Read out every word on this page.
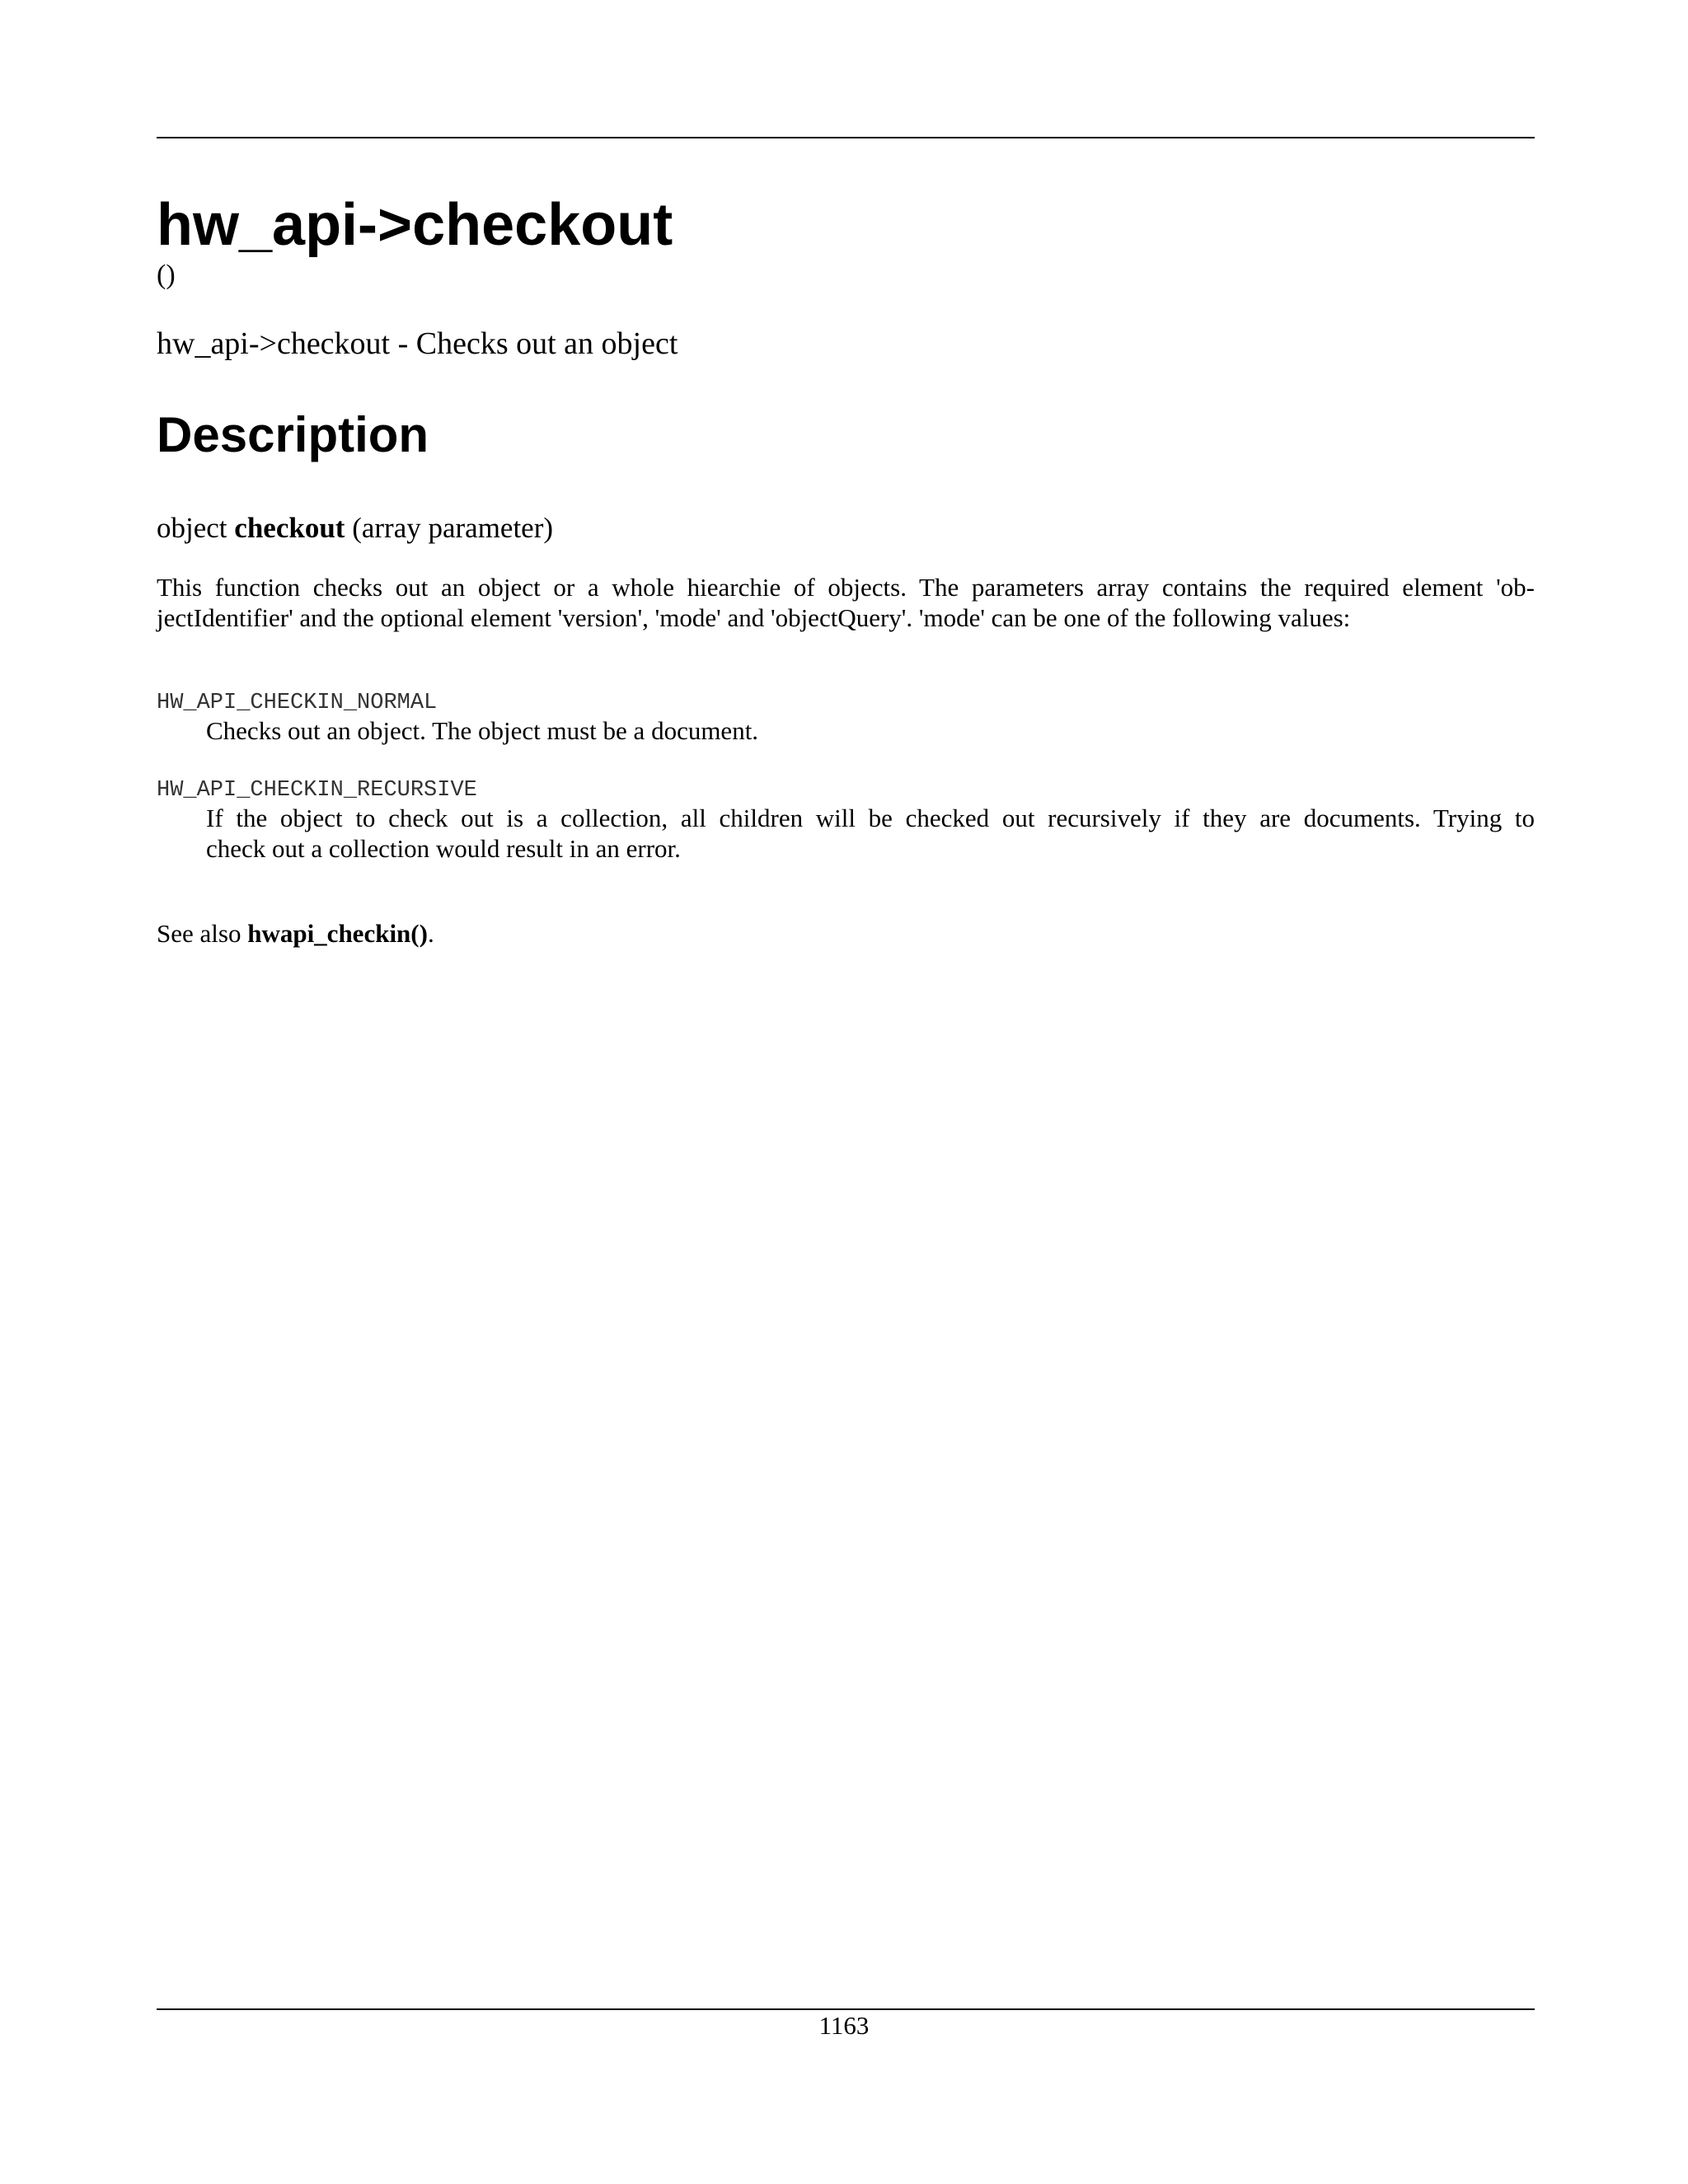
hw_api->checkout
()
hw_api->checkout - Checks out an object
Description
object checkout (array parameter)
This function checks out an object or a whole hiearchie of objects. The parameters array contains the required element 'ob-
jectIdentifier' and the optional element 'version', 'mode' and 'objectQuery'. 'mode' can be one of the following values:
HW_API_CHECKIN_NORMAL
Checks out an object. The object must be a document.
HW_API_CHECKIN_RECURSIVE
If the object to check out is a collection, all children will be checked out recursively if they are documents. Trying to
check out a collection would result in an error.
See also hwapi_checkin().
1163
